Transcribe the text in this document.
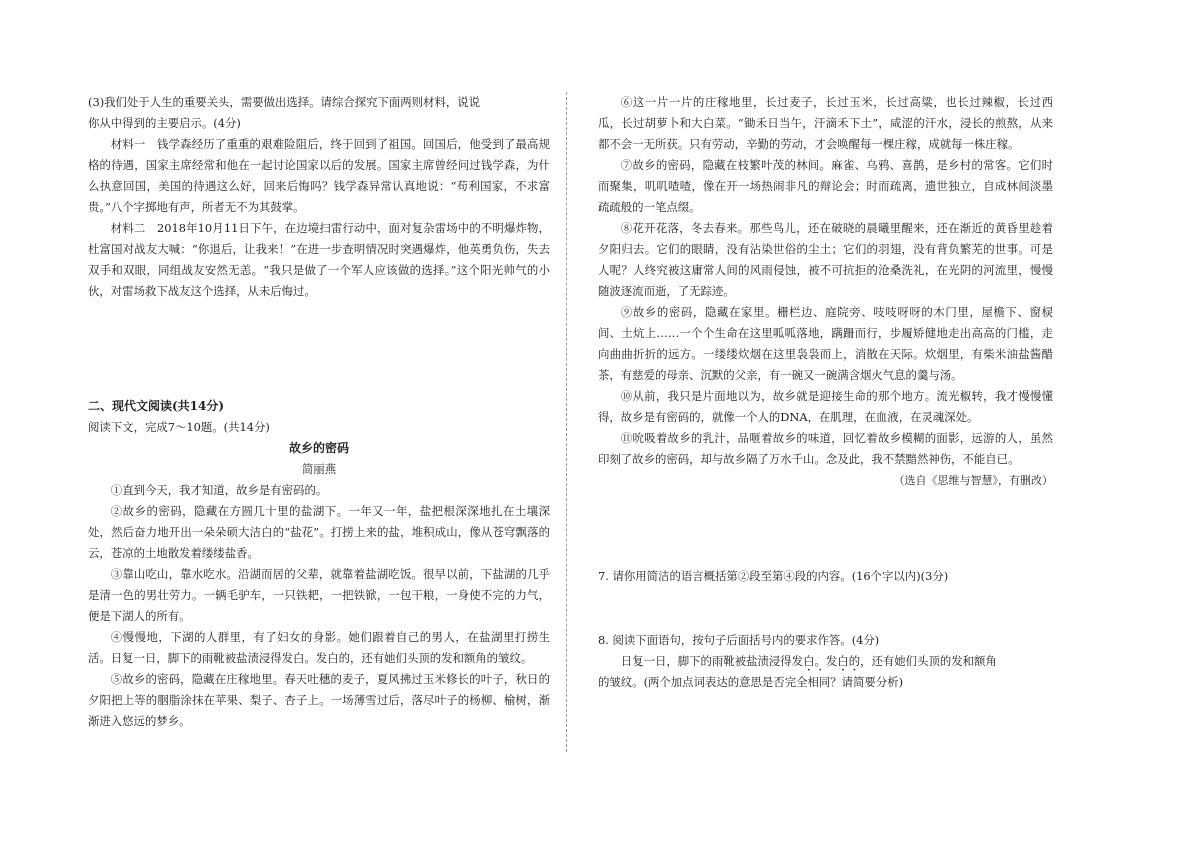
(3)我们处于人生的重要关头，需要做出选择。请综合探究下面两则材料，说说

你从中得到的主要启示。(4分)

材料一　钱学森经历了重重的艰难险阻后，终于回到了祖国。回国后，他受到了最高规格的待遇，国家主席经常和他在一起讨论国家以后的发展。国家主席曾经问过钱学森，为什么执意回国，美国的待遇这么好，回来后悔吗？钱学森异常认真地说：“苟利国家，不求富贵。”八个字掷地有声，所者无不为其鼓掌。

材料二　2018年10月11日下午，在边境扫雷行动中，面对复杂雷场中的不明爆炸物，杜富国对战友大喊：“你退后，让我来！”在进一步查明情况时突遇爆炸，他英勇负伤，失去双手和双眼，同组战友安然无恙。“我只是做了一个军人应该做的选择。”这个阳光帅气的小伙，对雷场救下战友这个选择，从未后悔过。

二、现代文阅读(共14分)

阅读下文，完成7～10题。(共14分)

故乡的密码

简丽燕

①直到今天，我才知道，故乡是有密码的。

②故乡的密码，隐藏在方圆几十里的盐湖下。一年又一年，盐把根深深地扎在土壤深处，然后奋力地开出一朵朵硕大洁白的“盐花”。打捞上来的盐，堆积成山，像从苍穹飘落的云，苍凉的土地散发着缕缕盐香。

③靠山吃山，靠水吃水。沿湖而居的父辈，就靠着盐湖吃饭。很早以前，下盐湖的几乎是清一色的男壮劳力。一辆毛驴车，一只铁耙，一把铁锨，一包干粮，一身使不完的力气，便是下湖人的所有。

④慢慢地，下湖的人群里，有了妇女的身影。她们跟着自己的男人，在盐湖里打捞生活。日复一日，脚下的雨靴被盐渍浸得发白。发白的，还有她们头顶的发和额角的皱纹。

⑤故乡的密码，隐藏在庄稼地里。春天吐穗的麦子，夏风拂过玉米修长的叶子，秋日的夕阳把上等的胭脂涂抹在苹果、梨子、杏子上。一场薄雪过后，落尽叶子的杨柳、榆树，渐渐进入悠远的梦乡。

⑥这一片一片的庄稼地里，长过麦子，长过玉米，长过高粱，也长过辣椒，长过西瓜，长过胡萝卜和大白菜。“锄禾日当午，汗滴禾下土”，咸涩的汗水，浸长的煎熬，从来都不会一无所获。只有劳动，辛勤的劳动，才会唤醒每一棵庄稼，成就每一株庄稼。

⑦故乡的密码，隐藏在枝繁叶茂的林间。麻雀、乌鸦、喜鹊，是乡村的常客。它们时而聚集，叽叽喳喳，像在开一场热闹非凡的辩论会；时而疏离，遗世独立，自成林间淡墨疏疏般的一笔点缀。

⑧花开花落，冬去春来。那些鸟儿，还在破晓的晨曦里醒来，还在渐近的黄昏里趁着夕阳归去。它们的眼睛，没有沾染世俗的尘土；它们的羽翅，没有背负繁芜的世事。可是人呢？人终究被这庸常人间的风雨侵蚀，被不可抗拒的沧桑洗礼，在光阴的河流里，慢慢随波逐流而逝，了无踪迹。

⑨故乡的密码，隐藏在家里。栅栏边、庭院旁、吱吱呀呀的木门里，屋檐下、窗棂间、土炕上……一个个生命在这里呱呱落地，蹒跚而行，步履矫健地走出高高的门槛，走向曲曲折折的远方。一缕缕炊烟在这里袅袅而上，消散在天际。炊烟里，有柴米油盐酱醋茶，有慈爱的母亲、沉默的父亲，有一碗又一碗满含烟火气息的羹与汤。

⑩从前，我只是片面地以为，故乡就是迎接生命的那个地方。流光椒转，我才慢慢懂得，故乡是有密码的，就像一个人的DNA，在肌理，在血液，在灵魂深处。

⑪吮吸着故乡的乳汁，品咂着故乡的味道，回忆着故乡模糊的面影，远游的人，虽然印刻了故乡的密码，却与故乡隔了万水千山。念及此，我不禁黯然神伤，不能自已。

（选自《思维与智慧》，有删改）

7. 请你用简洁的语言概括第②段至第④段的内容。(16个字以内)(3分)

8. 阅读下面语句，按句子后面括号内的要求作答。(4分)

日复一日，脚下的雨靴被盐渍浸得发白。发白的，还有她们头顶的发和额角

的皱纹。(两个加点词表达的意思是否完全相同？请简要分析)
